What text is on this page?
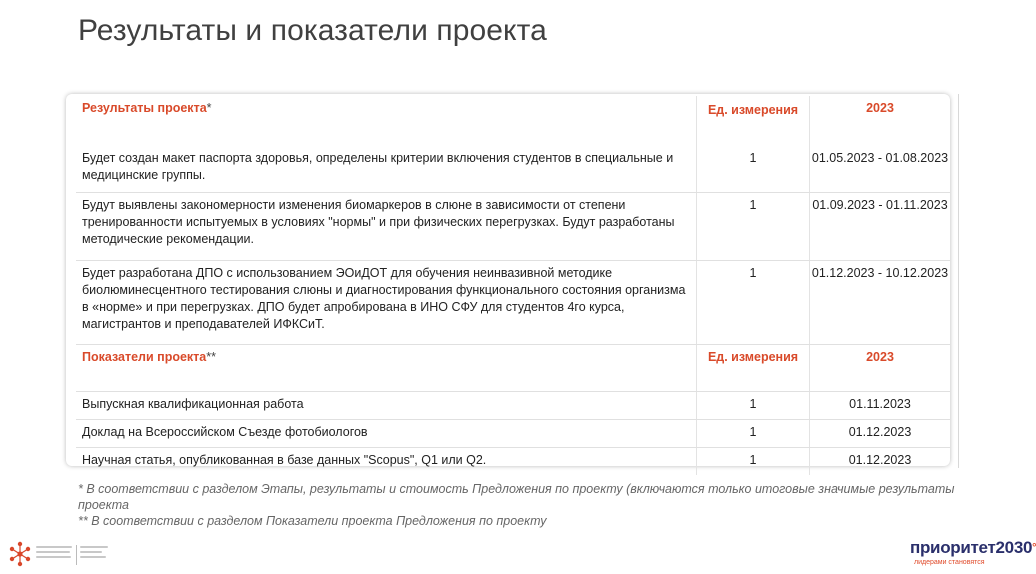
Результаты и показатели проекта
Результаты проекта*	Ед. измерения	2023
Будет создан макет паспорта здоровья, определены критерии включения студентов в специальные и медицинские группы.	1	01.05.2023 - 01.08.2023
Будут выявлены закономерности изменения биомаркеров в слюне в зависимости от степени тренированности испытуемых в условиях "нормы" и при физических перегрузках. Будут разработаны методические рекомендации.	1	01.09.2023 - 01.11.2023
Будет разработана ДПО с использованием ЭОиДОТ для обучения неинвазивной методике биолюминесцентного тестирования слюны и диагностирования функционального состояния организма в «норме» и при перегрузках. ДПО будет апробирована в ИНО СФУ для студентов 4го курса, магистрантов и преподавателей ИФКСиТ.	1	01.12.2023 - 10.12.2023
Показатели проекта**	Ед. измерения	2023
Выпускная квалификационная работа	1	01.11.2023
Доклад на Всероссийском Съезде фотобиологов	1	01.12.2023
Научная статья, опубликованная в базе данных "Scopus", Q1 или Q2.	1	01.12.2023

* В соответствии с разделом Этапы, результаты и стоимость Предложения по проекту (включаются только итоговые значимые результаты проекта

** В соответствии с разделом Показатели проекта Предложения по проекту

приоритет2030°
лидерами становятся
